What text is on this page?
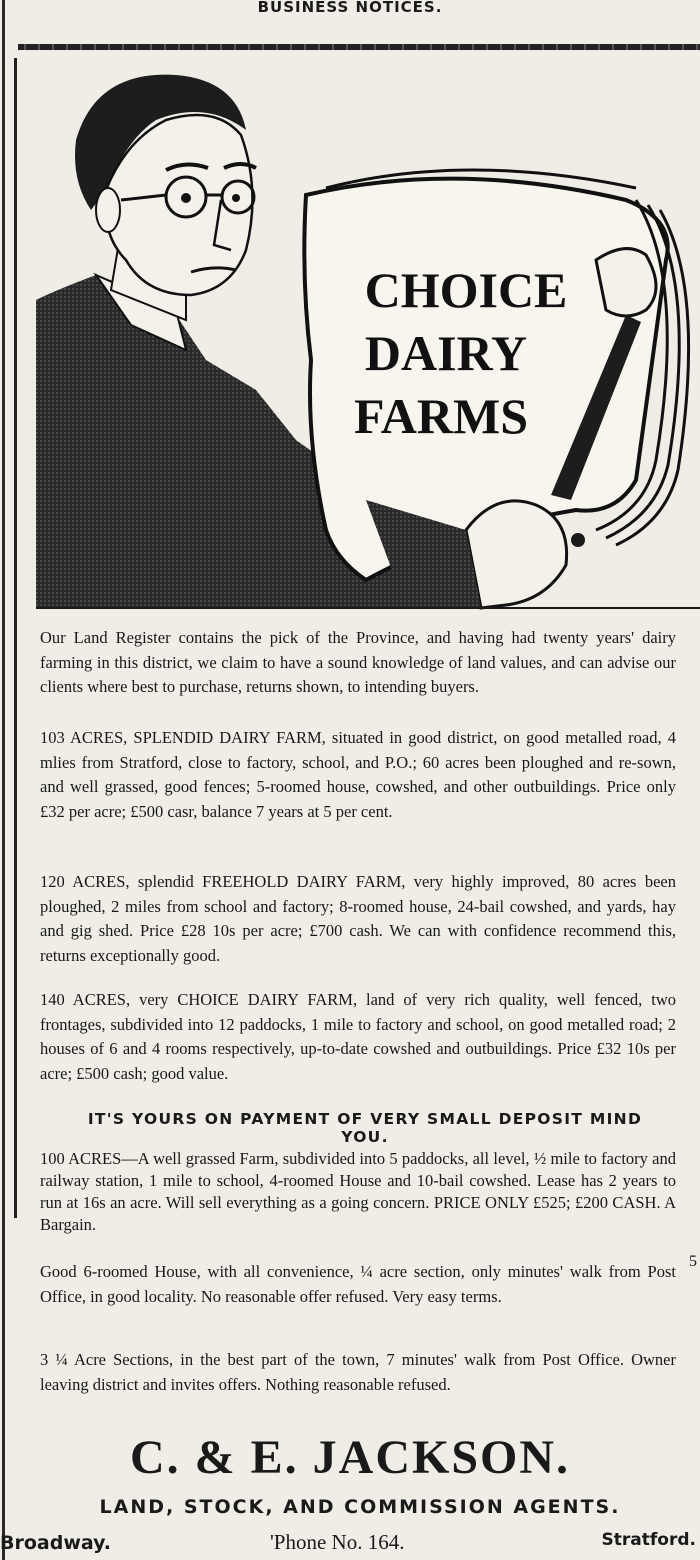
BUSINESS NOTICES.
CHOICE
DAIRY
FARMS

Our Land Register contains the pick of the Province, and having had twenty years' dairy farming in this district, we claim to have a sound knowledge of land values, and can advise our clients where best to purchase, returns shown, to intending buyers.

103 ACRES, SPLENDID DAIRY FARM, situated in good district, on good metalled road, 4 mlies from Stratford, close to factory, school, and P.O.; 60 acres been ploughed and re-sown, and well grassed, good fences; 5-roomed house, cowshed, and other outbuildings. Price only £32 per acre; £500 casr, balance 7 years at 5 per cent.

120 ACRES, splendid FREEHOLD DAIRY FARM, very highly improved, 80 acres been ploughed, 2 miles from school and factory; 8-roomed house, 24-bail cowshed, and yards, hay and gig shed. Price £28 10s per acre; £700 cash. We can with confidence recommend this, returns exceptionally good.

140 ACRES, very CHOICE DAIRY FARM, land of very rich quality, well fenced, two frontages, subdivided into 12 paddocks, 1 mile to factory and school, on good metalled road; 2 houses of 6 and 4 rooms respectively, up-to-date cowshed and outbuildings. Price £32 10s per acre; £500 cash; good value.

IT'S YOURS ON PAYMENT OF VERY SMALL DEPOSIT MIND
YOU.

100 ACRES—A well grassed Farm, subdivided into 5 paddocks, all level, ½ mile to factory and railway station, 1 mile to school, 4-roomed House and 10-bail cowshed. Lease has 2 years to run at 16s an acre. Will sell everything as a going concern. PRICE ONLY £525; £200 CASH. A Bargain.

Good 6-roomed House, with all convenience, ¼ acre section, only minutes' walk from Post Office, in good locality. No reasonable offer refused. Very easy terms.

3 ¼ Acre Sections, in the best part of the town, 7 minutes' walk from Post Office. Owner leaving district and invites offers. Nothing reasonable refused.

5
C. & E. JACKSON.
LAND, STOCK, AND COMMISSION AGENTS.
Broadway.	'Phone No. 164.	Stratford.
